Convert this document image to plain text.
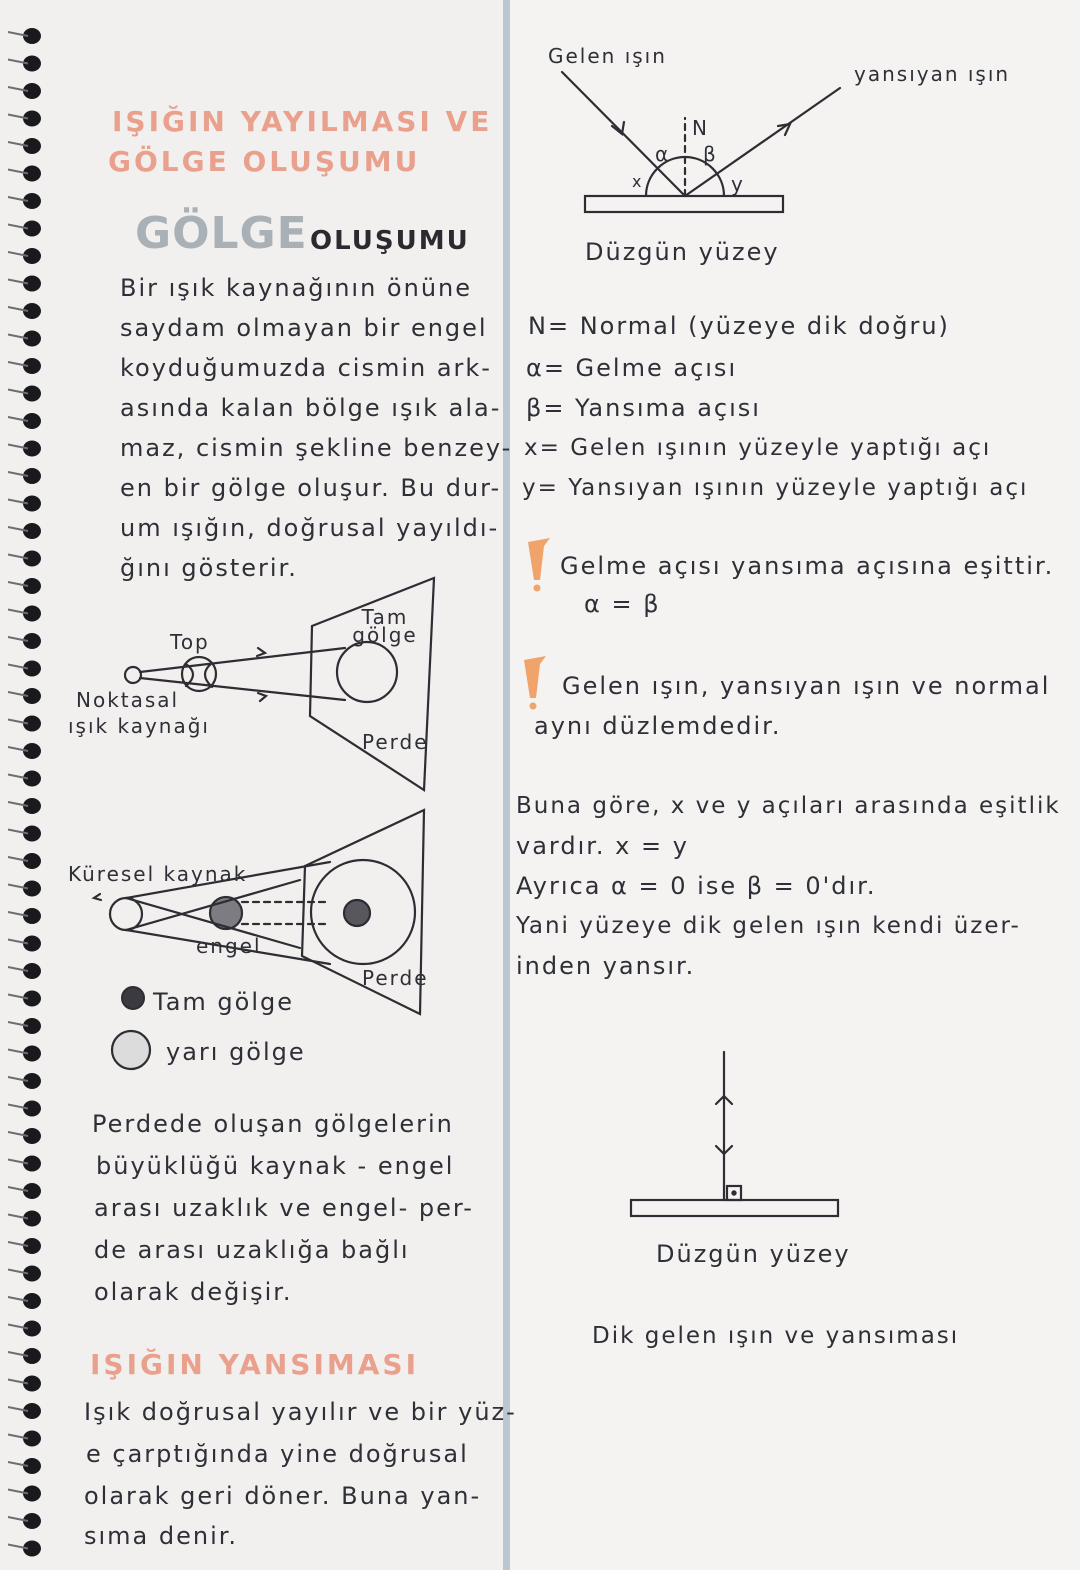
IŞIĞIN YAYILMASI VE
GÖLGE OLUŞUMU
GÖLGE OLUŞUMU
Bir ışık kaynağının önüne
saydam olmayan bir engel
koyduğumuzda cismin ark-
asında kalan bölge ışık ala-
maz, cismin şekline benzey-
en bir gölge oluşur. Bu dur-
um ışığın, doğrusal yayıldı-
ğını gösterir.
Top
Tam gölge
Noktasal
ışık kaynağı
Perde
Küresel kaynak
engel
Perde
Tam gölge
yarı gölge
Perdede oluşan gölgelerin
büyüklüğü kaynak - engel
arası uzaklık ve engel- per-
de arası uzaklığa bağlı
olarak değişir.
IŞIĞIN YANSIMASI
Işık doğrusal yayılır ve bir yüz-
e çarptığında yine doğrusal
olarak geri döner. Buna yan-
sıma denir.
Gelen ışın
yansıyan ışın
N
α β
x	y
Düzgün yüzey
N= Normal (yüzeye dik doğru)
α= Gelme açısı
β= Yansıma açısı
x= Gelen ışının yüzeyle yaptığı açı
y= Yansıyan ışının yüzeyle yaptığı açı
Gelme açısı yansıma açısına eşittir.
α = β
Gelen ışın, yansıyan ışın ve normal
aynı düzlemdedir.
Buna göre, x ve y açıları arasında eşitlik
vardır. x = y
Ayrıca α = 0 ise β = 0'dır.
Yani yüzeye dik gelen ışın kendi üzer-
inden yansır.
Düzgün yüzey
Dik gelen ışın ve yansıması
